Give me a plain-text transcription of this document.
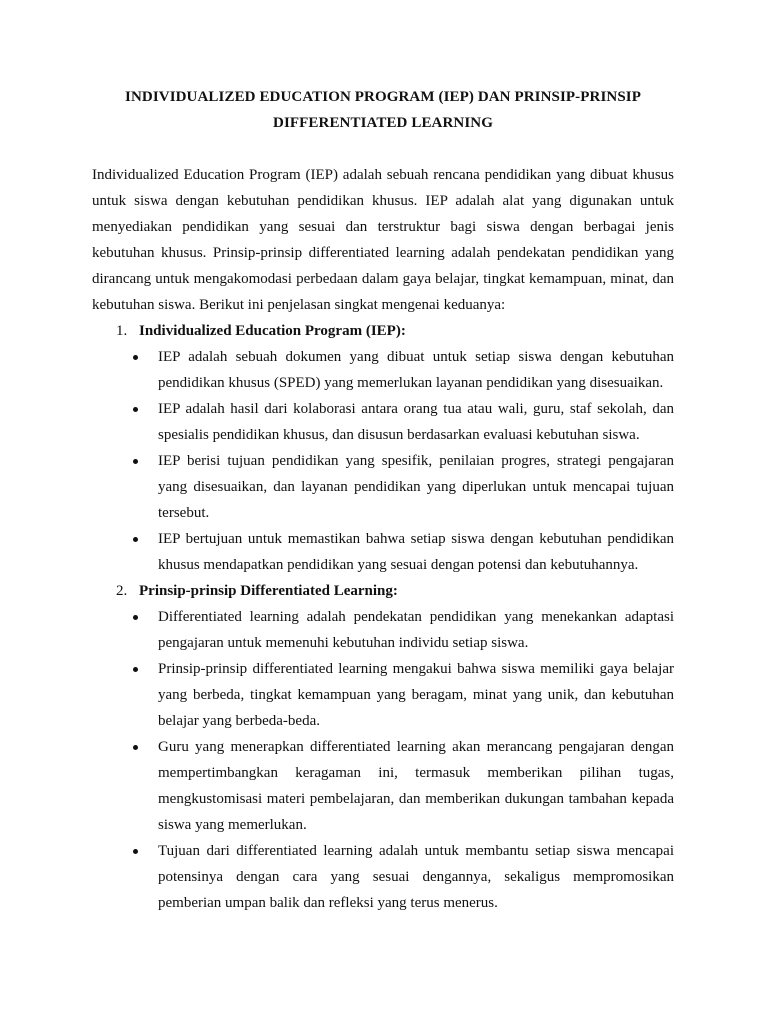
INDIVIDUALIZED EDUCATION PROGRAM (IEP) DAN PRINSIP-PRINSIP
DIFFERENTIATED LEARNING

Individualized Education Program (IEP) adalah sebuah rencana pendidikan yang dibuat khusus untuk siswa dengan kebutuhan pendidikan khusus. IEP adalah alat yang digunakan untuk menyediakan pendidikan yang sesuai dan terstruktur bagi siswa dengan berbagai jenis kebutuhan khusus. Prinsip-prinsip differentiated learning adalah pendekatan pendidikan yang dirancang untuk mengakomodasi perbedaan dalam gaya belajar, tingkat kemampuan, minat, dan kebutuhan siswa. Berikut ini penjelasan singkat mengenai keduanya:

1. Individualized Education Program (IEP):

IEP adalah sebuah dokumen yang dibuat untuk setiap siswa dengan kebutuhan pendidikan khusus (SPED) yang memerlukan layanan pendidikan yang disesuaikan.
IEP adalah hasil dari kolaborasi antara orang tua atau wali, guru, staf sekolah, dan spesialis pendidikan khusus, dan disusun berdasarkan evaluasi kebutuhan siswa.
IEP berisi tujuan pendidikan yang spesifik, penilaian progres, strategi pengajaran yang disesuaikan, dan layanan pendidikan yang diperlukan untuk mencapai tujuan tersebut.
IEP bertujuan untuk memastikan bahwa setiap siswa dengan kebutuhan pendidikan khusus mendapatkan pendidikan yang sesuai dengan potensi dan kebutuhannya.

2. Prinsip-prinsip Differentiated Learning:

Differentiated learning adalah pendekatan pendidikan yang menekankan adaptasi pengajaran untuk memenuhi kebutuhan individu setiap siswa.
Prinsip-prinsip differentiated learning mengakui bahwa siswa memiliki gaya belajar yang berbeda, tingkat kemampuan yang beragam, minat yang unik, dan kebutuhan belajar yang berbeda-beda.
Guru yang menerapkan differentiated learning akan merancang pengajaran dengan mempertimbangkan keragaman ini, termasuk memberikan pilihan tugas, mengkustomisasi materi pembelajaran, dan memberikan dukungan tambahan kepada siswa yang memerlukan.
Tujuan dari differentiated learning adalah untuk membantu setiap siswa mencapai potensinya dengan cara yang sesuai dengannya, sekaligus mempromosikan pemberian umpan balik dan refleksi yang terus menerus.
